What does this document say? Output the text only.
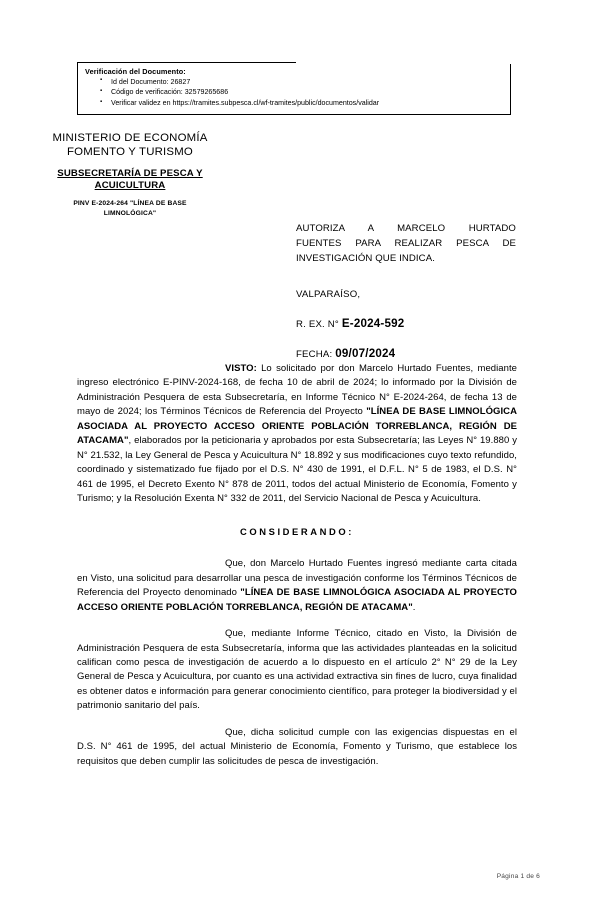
Verificación del Documento:
▪ Id del Documento: 26827
▪ Código de verificación: 32579265686
▪ Verificar validez en https://tramites.subpesca.cl/wf-tramites/public/documentos/validar
MINISTERIO DE ECONOMÍA
FOMENTO Y TURISMO
SUBSECRETARÍA DE PESCA Y
ACUICULTURA
PINV E-2024-264 "LÍNEA DE BASE
LIMNOLÓGICA"
AUTORIZA A MARCELO HURTADO
FUENTES PARA REALIZAR PESCA DE
INVESTIGACIÓN QUE INDICA.
VALPARAÍSO,
R. EX. N° E-2024-592
FECHA: 09/07/2024

VISTO: Lo solicitado por don Marcelo Hurtado Fuentes, mediante ingreso electrónico E-PINV-2024-168, de fecha 10 de abril de 2024; lo informado por la División de Administración Pesquera de esta Subsecretaría, en Informe Técnico N° E-2024-264, de fecha 13 de mayo de 2024; los Términos Técnicos de Referencia del Proyecto "LÍNEA DE BASE LIMNOLÓGICA ASOCIADA AL PROYECTO ACCESO ORIENTE POBLACIÓN TORREBLANCA, REGIÓN DE ATACAMA", elaborados por la peticionaria y aprobados por esta Subsecretaría; las Leyes N° 19.880 y N° 21.532, la Ley General de Pesca y Acuicultura N° 18.892 y sus modificaciones cuyo texto refundido, coordinado y sistematizado fue fijado por el D.S. N° 430 de 1991, el D.F.L. N° 5 de 1983, el D.S. N° 461 de 1995, el Decreto Exento N° 878 de 2011, todos del actual Ministerio de Economía, Fomento y Turismo; y la Resolución Exenta N° 332 de 2011, del Servicio Nacional de Pesca y Acuicultura.

CONSIDERANDO:

Que, don Marcelo Hurtado Fuentes ingresó mediante carta citada en Visto, una solicitud para desarrollar una pesca de investigación conforme los Términos Técnicos de Referencia del Proyecto denominado "LÍNEA DE BASE LIMNOLÓGICA ASOCIADA AL PROYECTO ACCESO ORIENTE POBLACIÓN TORREBLANCA, REGIÓN DE ATACAMA".

Que, mediante Informe Técnico, citado en Visto, la División de Administración Pesquera de esta Subsecretaría, informa que las actividades planteadas en la solicitud califican como pesca de investigación de acuerdo a lo dispuesto en el artículo 2° N° 29 de la Ley General de Pesca y Acuicultura, por cuanto es una actividad extractiva sin fines de lucro, cuya finalidad es obtener datos e información para generar conocimiento científico, para proteger la biodiversidad y el patrimonio sanitario del país.

Que, dicha solicitud cumple con las exigencias dispuestas en el D.S. N° 461 de 1995, del actual Ministerio de Economía, Fomento y Turismo, que establece los requisitos que deben cumplir las solicitudes de pesca de investigación.

Página 1 de 6
